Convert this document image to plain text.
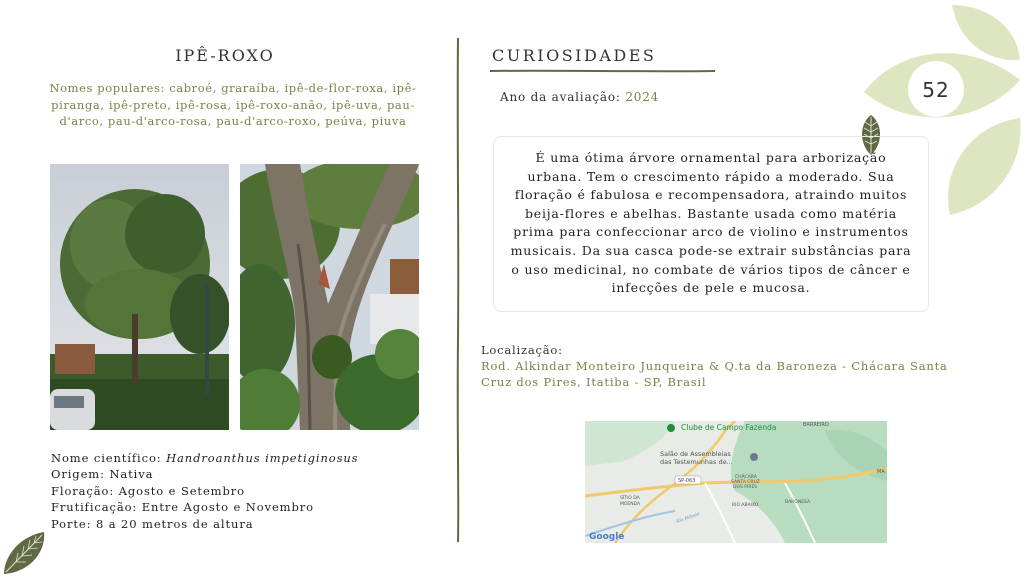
52
IPÊ-ROXO
Nomes populares: cabroé, graraíba, ipê-de-flor-roxa, ipê-piranga, ipê-preto, ipê-rosa, ipê-roxo-anão, ipê-uva, pau-d'arco, pau-d'arco-rosa, pau-d'arco-roxo, peúva, piuva
Nome científico: Handroanthus impetiginosus
Origem: Nativa
Floração: Agosto e Setembro
Frutificação: Entre Agosto e Novembro
Porte: 8 a 20 metros de altura
CURIOSIDADES
Ano da avaliação: 2024
É uma ótima árvore ornamental para arborização urbana. Tem o crescimento rápido a moderado. Sua floração é fabulosa e recompensadora, atraindo muitos beija-flores e abelhas. Bastante usada como matéria prima para confeccionar arco de violino e instrumentos musicais. Da sua casca pode-se extrair substâncias para o uso medicinal, no combate de vários tipos de câncer e infecções de pele e mucosa.
Localização:
Rod. Alkindar Monteiro Junqueira & Q.ta da Baroneza - Chácara Santa Cruz dos Pires, Itatiba - SP, Brasil
Clube de Campo Fazenda	BARREIRO
Salão de Assembleias
das Testemunhas de...
SP-063
CHÁCARA
SANTA CRUZ
DOS PIRES
SÍTIO DA
MOENDA	RIO ABAIXO
BARONESA
Rio Atibaia
MA
Google
